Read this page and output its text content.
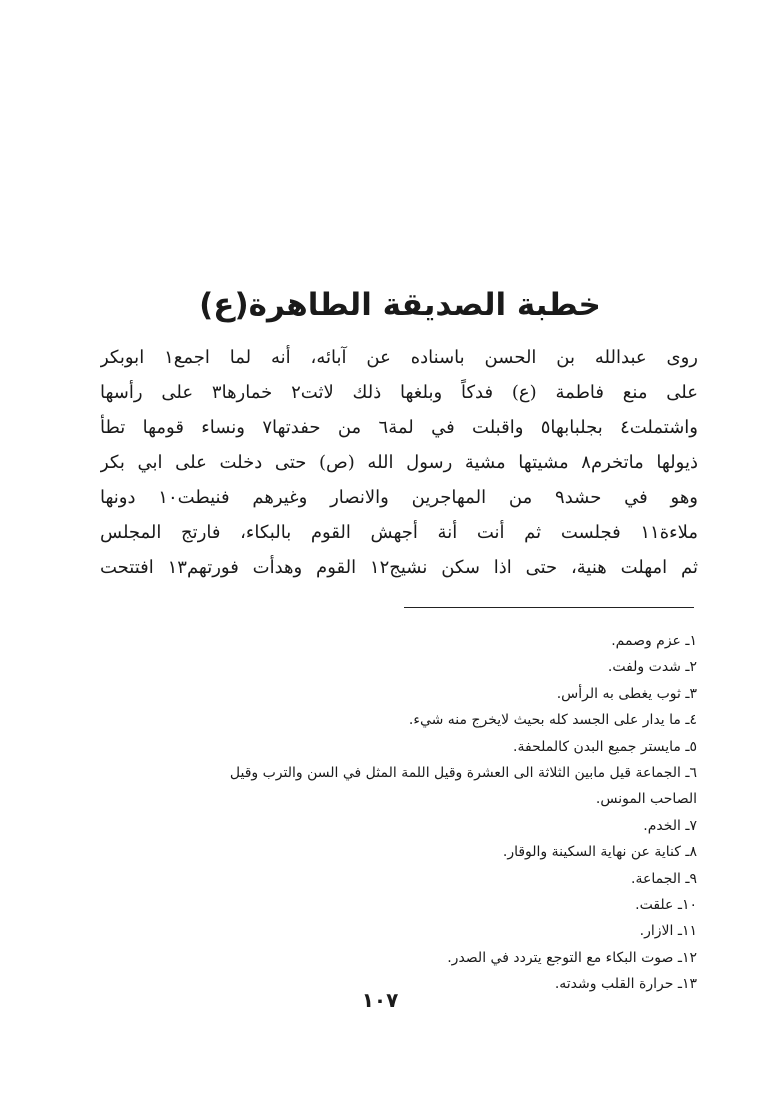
خطبة الصديقة الطاهرة(ع)
روى عبدالله بن الحسن باسناده عن آبائه، أنه لما اجمع١ ابوبكر
على منع فاطمة (ع) فدكاً وبلغها ذلك لاثت٢ خمارها٣ على رأسها
واشتملت٤ بجلبابها٥ واقبلت في لمة٦ من حفدتها٧ ونساء قومها تطأ
ذيولها ماتخرم٨ مشيتها مشية رسول الله (ص) حتى دخلت على ابي بكر
وهو في حشد٩ من المهاجرين والانصار وغيرهم فنيطت١٠ دونها
ملاءة١١ فجلست ثم أنت أنة أجهش القوم بالبكاء، فارتج المجلس
ثم امهلت هنية، حتى اذا سكن نشيج١٢ القوم وهدأت فورتهم١٣ افتتحت
١ـ عزم وصمم.
٢ـ شدت ولفت.
٣ـ ثوب يغطى به الرأس.
٤ـ ما يدار على الجسد كله بحيث لايخرج منه شيء.
٥ـ مايستر جميع البدن كالملحفة.
٦ـ الجماعة قيل مابين الثلاثة الى العشرة وقيل اللمة المثل في السن والترب وقيل
الصاحب المونس.
٧ـ الخدم.
٨ـ كناية عن نهاية السكينة والوقار.
٩ـ الجماعة.
١٠ـ علقت.
١١ـ الازار.
١٢ـ صوت البكاء مع التوجع يتردد في الصدر.
١٣ـ حرارة القلب وشدته.
١٠٧
